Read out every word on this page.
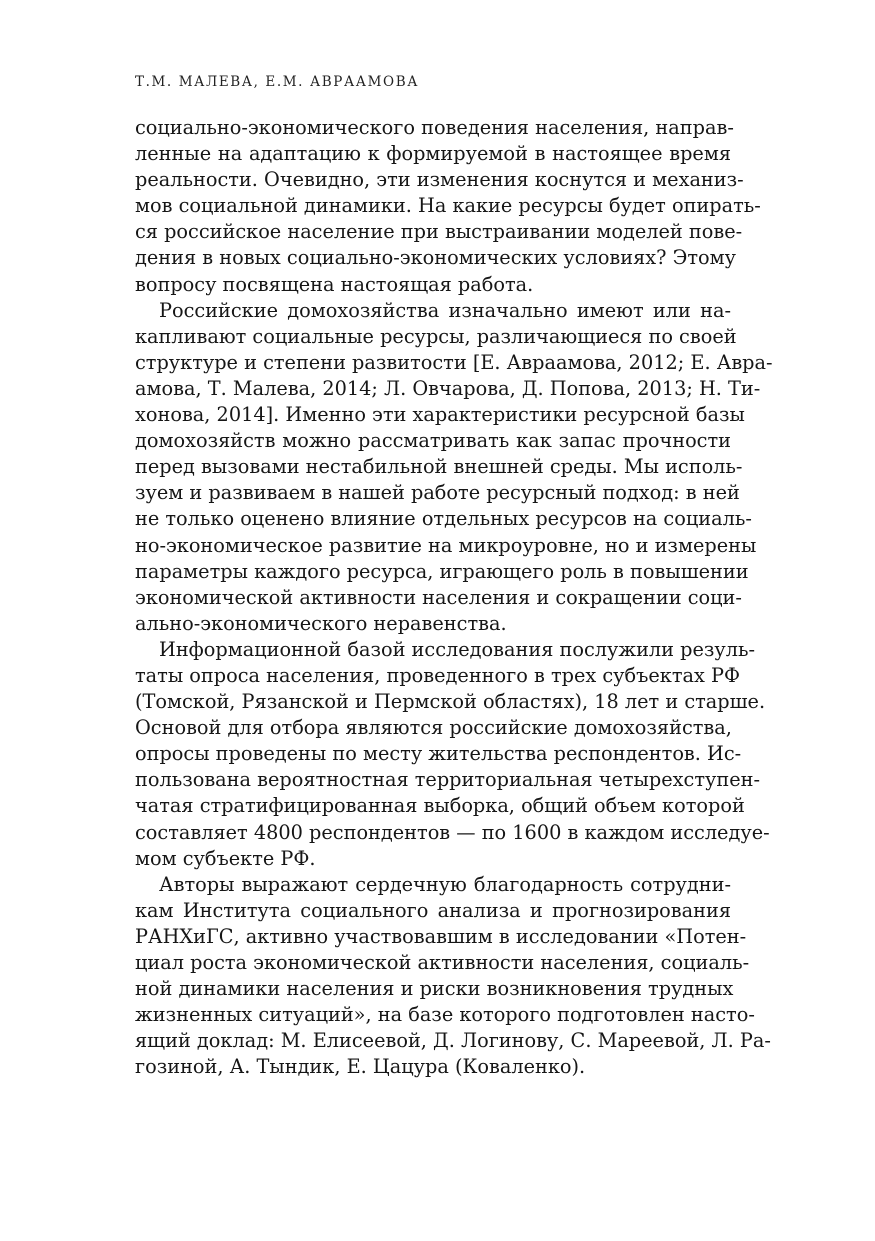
Т.М. МАЛЕВА, Е.М. АВРААМОВА
социально-экономического поведения населения, направ-
ленные на адаптацию к формируемой в настоящее время
реальности. Очевидно, эти изменения коснутся и механиз-
мов социальной динамики. На какие ресурсы будет опирать-
ся российское население при выстраивании моделей пове-
дения в новых социально-экономических условиях? Этому
вопросу посвящена настоящая работа.
Российские домохозяйства изначально имеют или на-
капливают социальные ресурсы, различающиеся по своей
структуре и степени развитости [Е. Авраамова, 2012; Е. Авра-
амова, Т. Малева, 2014; Л. Овчарова, Д. Попова, 2013; Н. Ти-
хонова, 2014]. Именно эти характеристики ресурсной базы
домохозяйств можно рассматривать как запас прочности
перед вызовами нестабильной внешней среды. Мы исполь-
зуем и развиваем в нашей работе ресурсный подход: в ней
не только оценено влияние отдельных ресурсов на социаль-
но-экономическое развитие на микроуровне, но и измерены
параметры каждого ресурса, играющего роль в повышении
экономической активности населения и сокращении соци-
ально-экономического неравенства.
Информационной базой исследования послужили резуль-
таты опроса населения, проведенного в трех субъектах РФ
(Томской, Рязанской и Пермской областях), 18 лет и старше.
Основой для отбора являются российские домохозяйства,
опросы проведены по месту жительства респондентов. Ис-
пользована вероятностная территориальная четырехступен-
чатая стратифицированная выборка, общий объем которой
составляет 4800 респондентов — по 1600 в каждом исследуе-
мом субъекте РФ.
Авторы выражают сердечную благодарность сотрудни-
кам Института социального анализа и прогнозирования
РАНХиГС, активно участвовавшим в исследовании «Потен-
циал роста экономической активности населения, социаль-
ной динамики населения и риски возникновения трудных
жизненных ситуаций», на базе которого подготовлен насто-
ящий доклад: М. Елисеевой, Д. Логинову, С. Мареевой, Л. Ра-
гозиной, А. Тындик, Е. Цацура (Коваленко).
